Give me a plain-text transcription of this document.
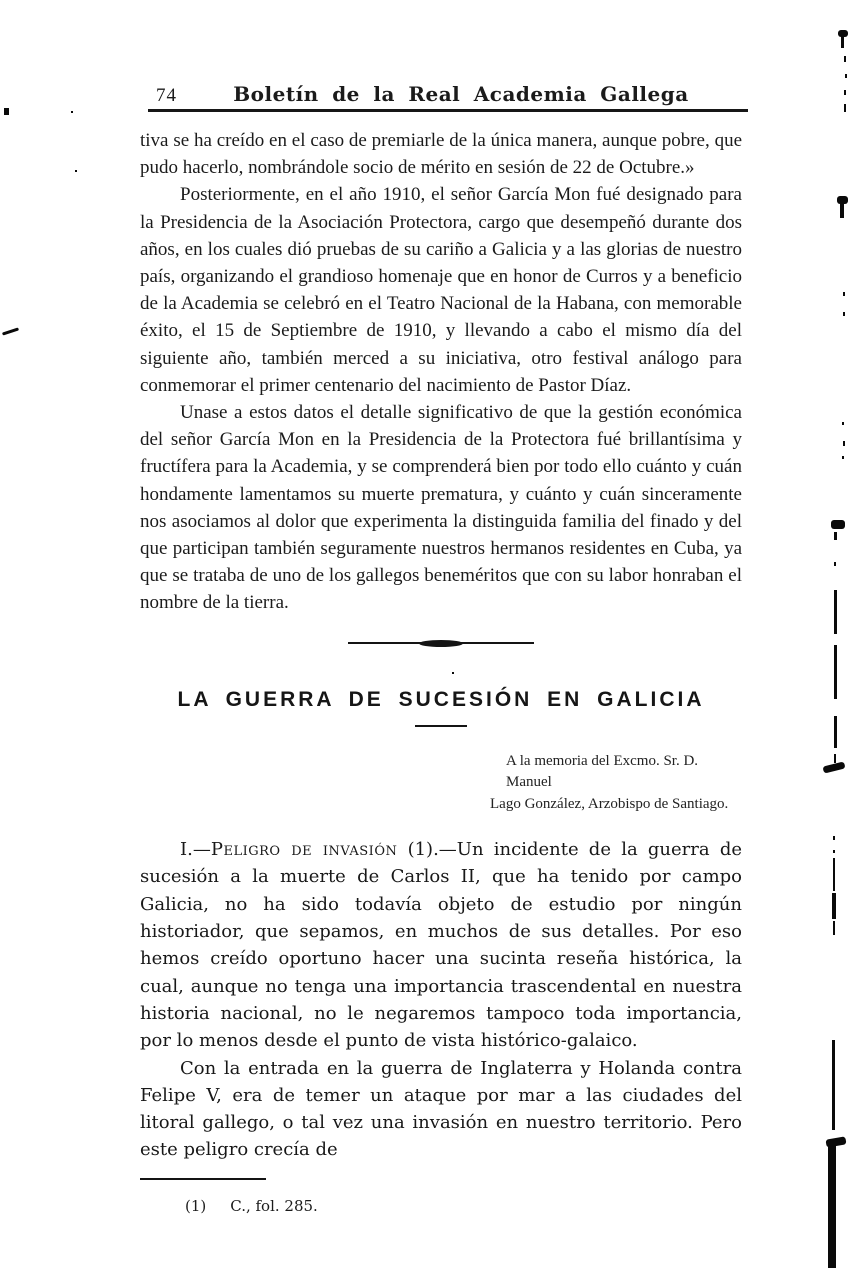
74	Boletín de la Real Academia Gallega

tiva se ha creído en el caso de premiarle de la única manera, aunque pobre, que pudo hacerlo, nombrándole socio de mérito en sesión de 22 de Octubre.»

Posteriormente, en el año 1910, el señor García Mon fué designado para la Presidencia de la Asociación Protectora, cargo que desempeñó durante dos años, en los cuales dió pruebas de su cariño a Galicia y a las glorias de nuestro país, organizando el grandioso homenaje que en honor de Curros y a beneficio de la Academia se celebró en el Teatro Nacional de la Habana, con memorable éxito, el 15 de Septiembre de 1910, y llevando a cabo el mismo día del siguiente año, también merced a su iniciativa, otro festival análogo para conmemorar el primer centenario del nacimiento de Pastor Díaz.

Unase a estos datos el detalle significativo de que la gestión económica del señor García Mon en la Presidencia de la Protectora fué brillantísima y fructífera para la Academia, y se comprenderá bien por todo ello cuánto y cuán hondamente lamentamos su muerte prematura, y cuánto y cuán sinceramente nos asociamos al dolor que experimenta la distinguida familia del finado y del que participan también seguramente nuestros hermanos residentes en Cuba, ya que se trataba de uno de los gallegos beneméritos que con su labor honraban el nombre de la tierra.

LA GUERRA DE SUCESIÓN EN GALICIA
A la memoria del Excmo. Sr. D. Manuel
Lago González, Arzobispo de Santiago.

I.—Peligro de invasión (1).—Un incidente de la guerra de sucesión a la muerte de Carlos II, que ha tenido por campo Galicia, no ha sido todavía objeto de estudio por ningún historiador, que sepamos, en muchos de sus detalles. Por eso hemos creído oportuno hacer una sucinta reseña histórica, la cual, aunque no tenga una importancia trascendental en nuestra historia nacional, no le negaremos tampoco toda importancia, por lo menos desde el punto de vista histórico-galaico.

Con la entrada en la guerra de Inglaterra y Holanda contra Felipe V, era de temer un ataque por mar a las ciudades del litoral gallego, o tal vez una invasión en nuestro territorio. Pero este peligro crecía de

(1) C., fol. 285.
